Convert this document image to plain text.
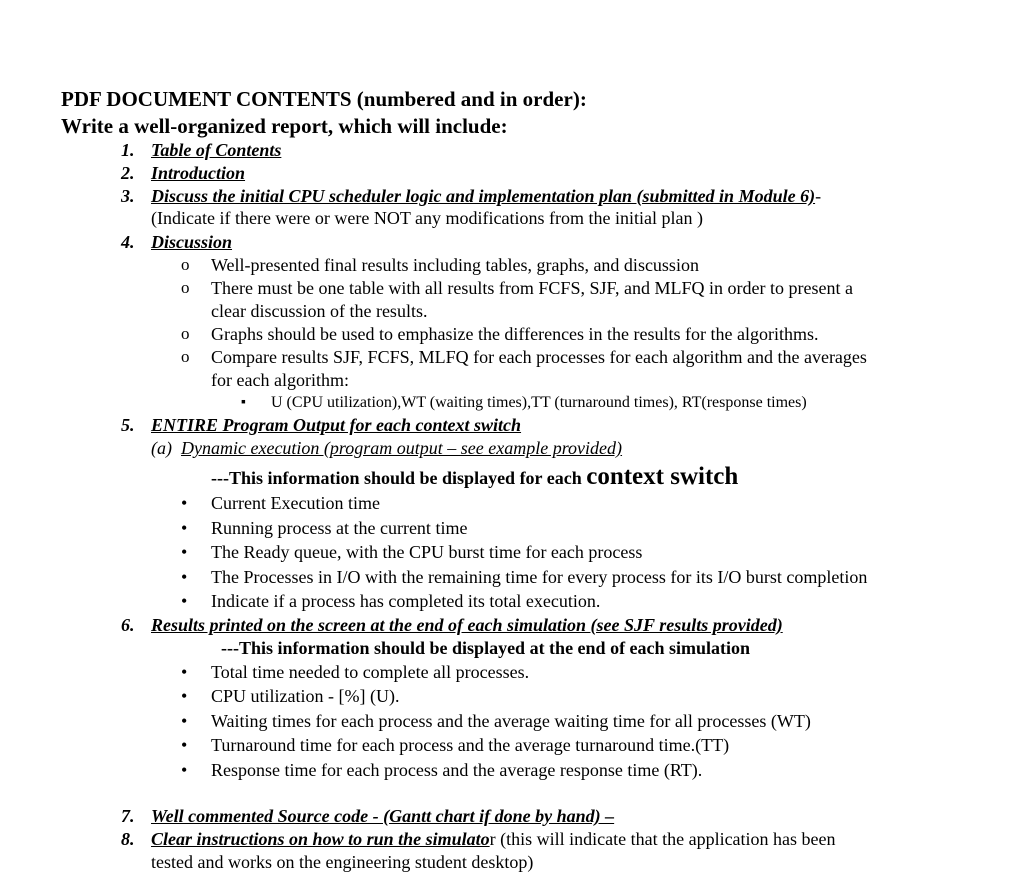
PDF DOCUMENT CONTENTS (numbered and in order):
Write a well-organized report, which will include:
1. Table of Contents
2. Introduction
3. Discuss the initial CPU scheduler logic and implementation plan (submitted in Module 6)-
(Indicate if there were or were NOT any modifications from the initial plan )
4. Discussion
o Well-presented final results including tables, graphs, and discussion
o There must be one table with all results from FCFS, SJF, and MLFQ in order to present a
clear discussion of the results.
o Graphs should be used to emphasize the differences in the results for the algorithms.
o Compare results SJF, FCFS, MLFQ for each processes for each algorithm and the averages
for each algorithm:
▪ U (CPU utilization),WT (waiting times),TT (turnaround times), RT(response times)
5. ENTIRE Program Output for each context switch
(a) Dynamic execution (program output – see example provided)
---This information should be displayed for each context switch
• Current Execution time
• Running process at the current time
• The Ready queue, with the CPU burst time for each process
• The Processes in I/O with the remaining time for every process for its I/O burst completion
• Indicate if a process has completed its total execution.
6. Results printed on the screen at the end of each simulation (see SJF results provided)
---This information should be displayed at the end of each simulation
• Total time needed to complete all processes.
• CPU utilization - [%] (U).
• Waiting times for each process and the average waiting time for all processes (WT)
• Turnaround time for each process and the average turnaround time.(TT)
• Response time for each process and the average response time (RT).
7. Well commented Source code - (Gantt chart if done by hand) –
8. Clear instructions on how to run the simulator (this will indicate that the application has been
tested and works on the engineering student desktop)
